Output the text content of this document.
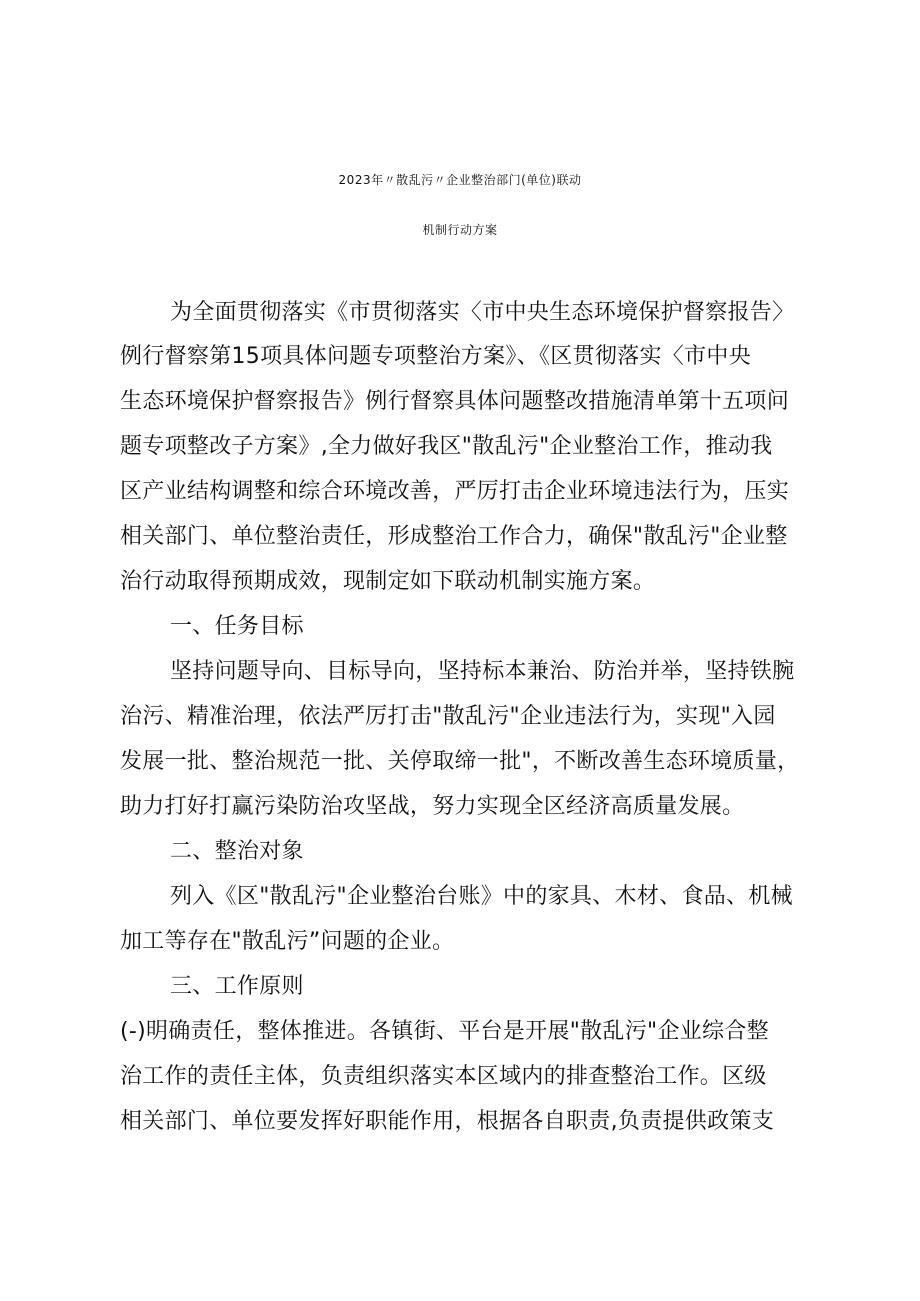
2023年〃散乱污〃企业整治部门(单位)联动
机制行动方案
为全面贯彻落实《市贯彻落实〈市中央生态环境保护督察报告〉
例行督察第15项具体问题专项整治方案》、《区贯彻落实〈市中央
生态环境保护督察报告》例行督察具体问题整改措施清单第十五项问
题专项整改子方案》,全力做好我区"散乱污"企业整治工作，推动我
区产业结构调整和综合环境改善，严厉打击企业环境违法行为，压实
相关部门、单位整治责任，形成整治工作合力，确保"散乱污"企业整
治行动取得预期成效，现制定如下联动机制实施方案。
一、任务目标
坚持问题导向、目标导向，坚持标本兼治、防治并举，坚持铁腕
治污、精准治理，依法严厉打击"散乱污"企业违法行为，实现"入园
发展一批、整治规范一批、关停取缔一批"，不断改善生态环境质量，
助力打好打赢污染防治攻坚战，努力实现全区经济高质量发展。
二、整治对象
列入《区"散乱污"企业整治台账》中的家具、木材、食品、机械
加工等存在"散乱污”问题的企业。
三、工作原则
(-)明确责任，整体推进。各镇街、平台是开展"散乱污"企业综合整
治工作的责任主体，负责组织落实本区域内的排查整治工作。区级
相关部门、单位要发挥好职能作用，根据各自职责,负责提供政策支
